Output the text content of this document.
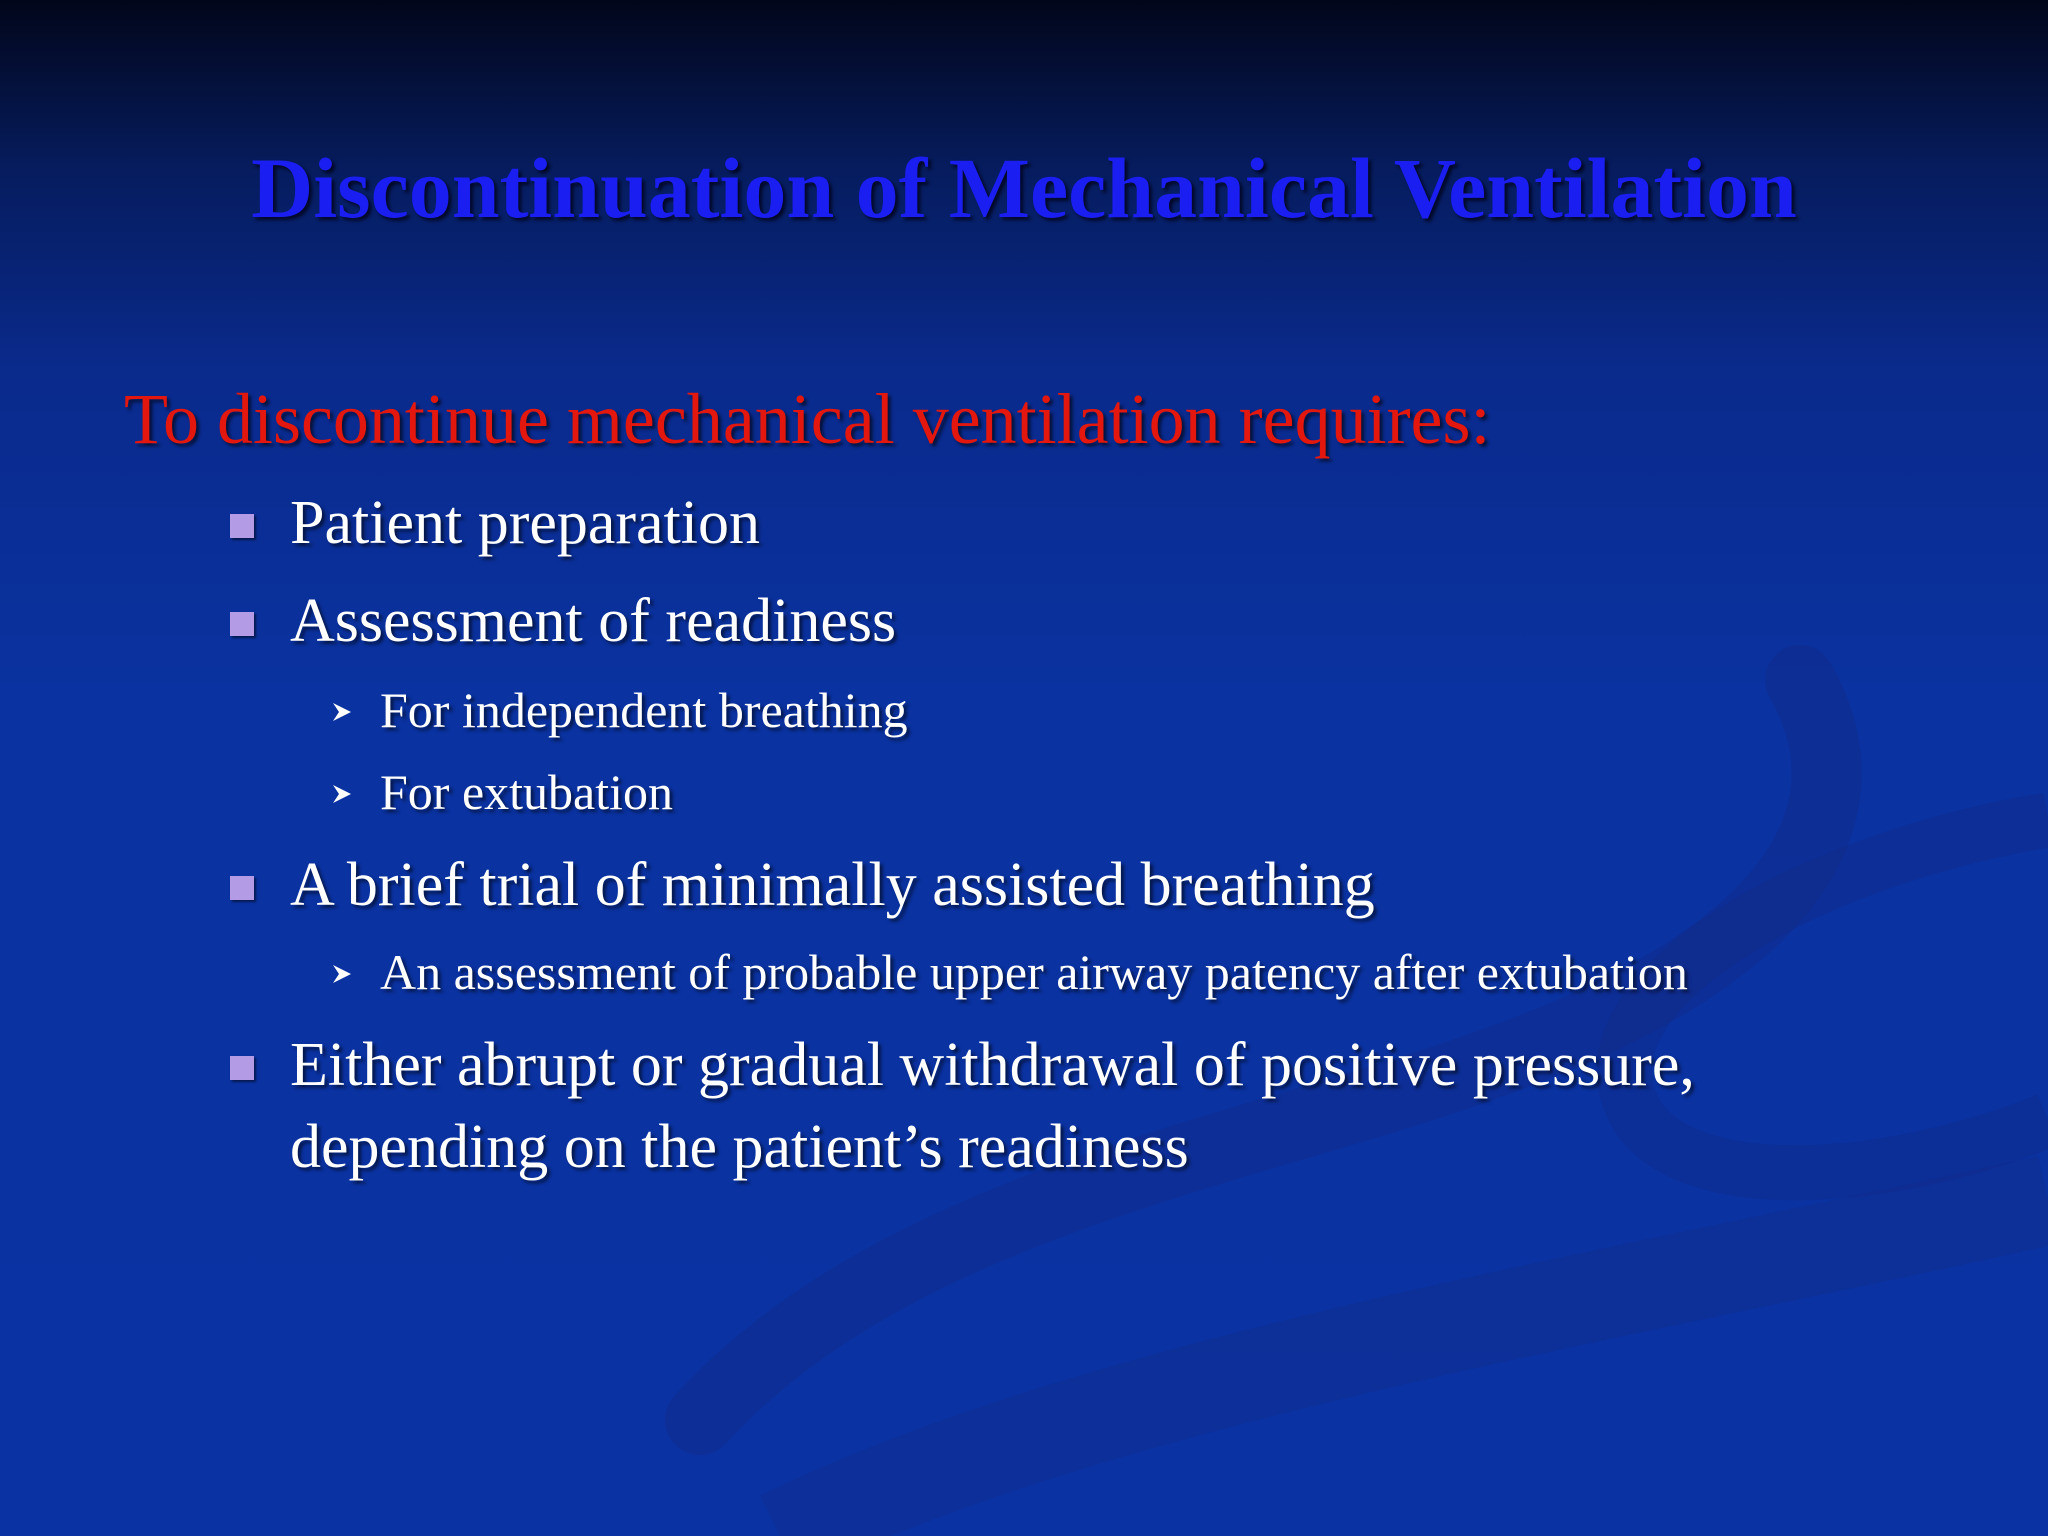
Discontinuation of Mechanical Ventilation
To discontinue mechanical ventilation requires:
Patient preparation
Assessment of readiness
For independent breathing
For extubation
A brief trial of minimally assisted breathing
An assessment of probable upper airway patency after extubation
Either abrupt or gradual withdrawal of positive pressure,
depending on the patient’s readiness
